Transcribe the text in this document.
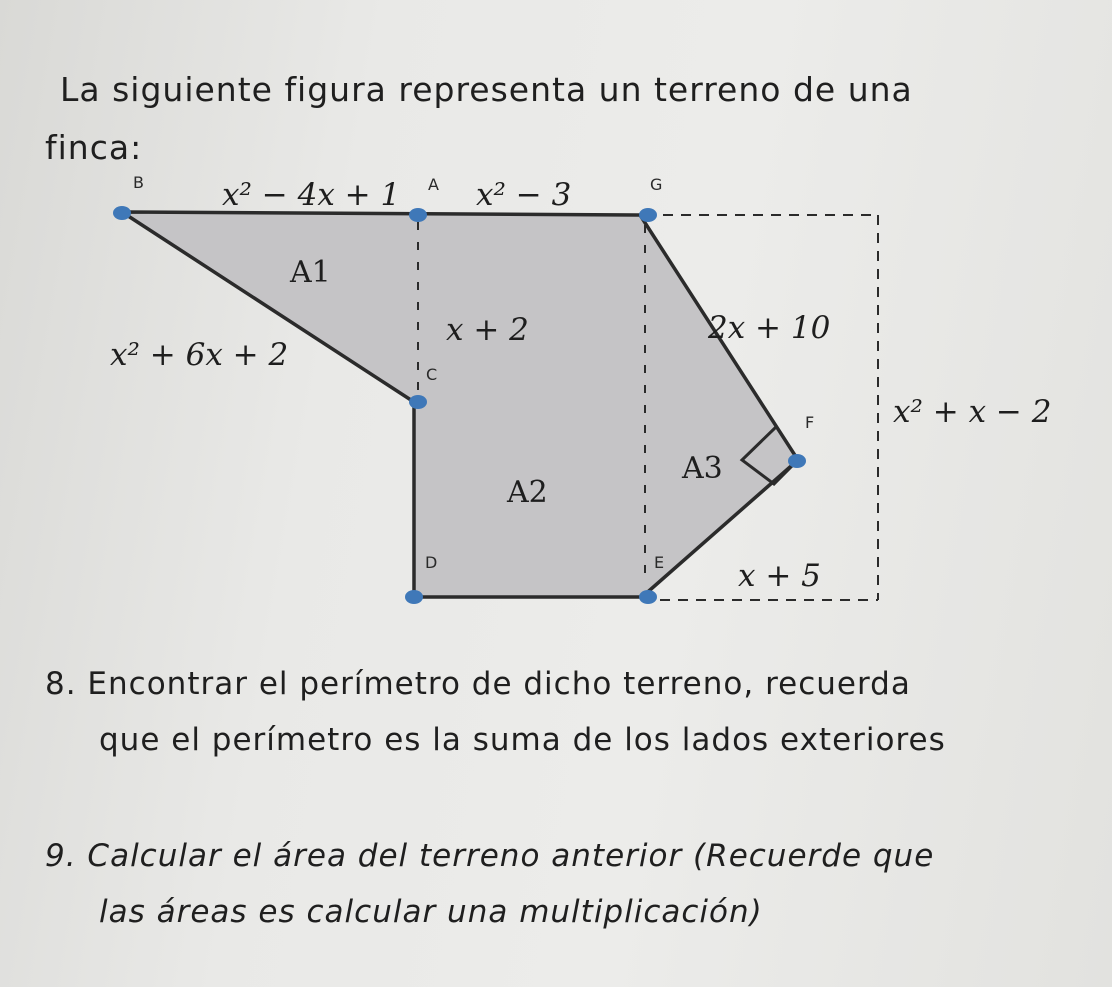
La siguiente figura representa un terreno de una
finca:
B	A	G
C
F
D	E
x² − 4x + 1 x² − 3
x² + 6x + 2
x + 2	2x + 10
x² + x − 2
x + 5
A1
A2
A3
8. Encontrar el perímetro de dicho terreno, recuerda
que el perímetro es la suma de los lados exteriores
9. Calcular el área del terreno anterior (Recuerde que
las áreas es calcular una multiplicación)
